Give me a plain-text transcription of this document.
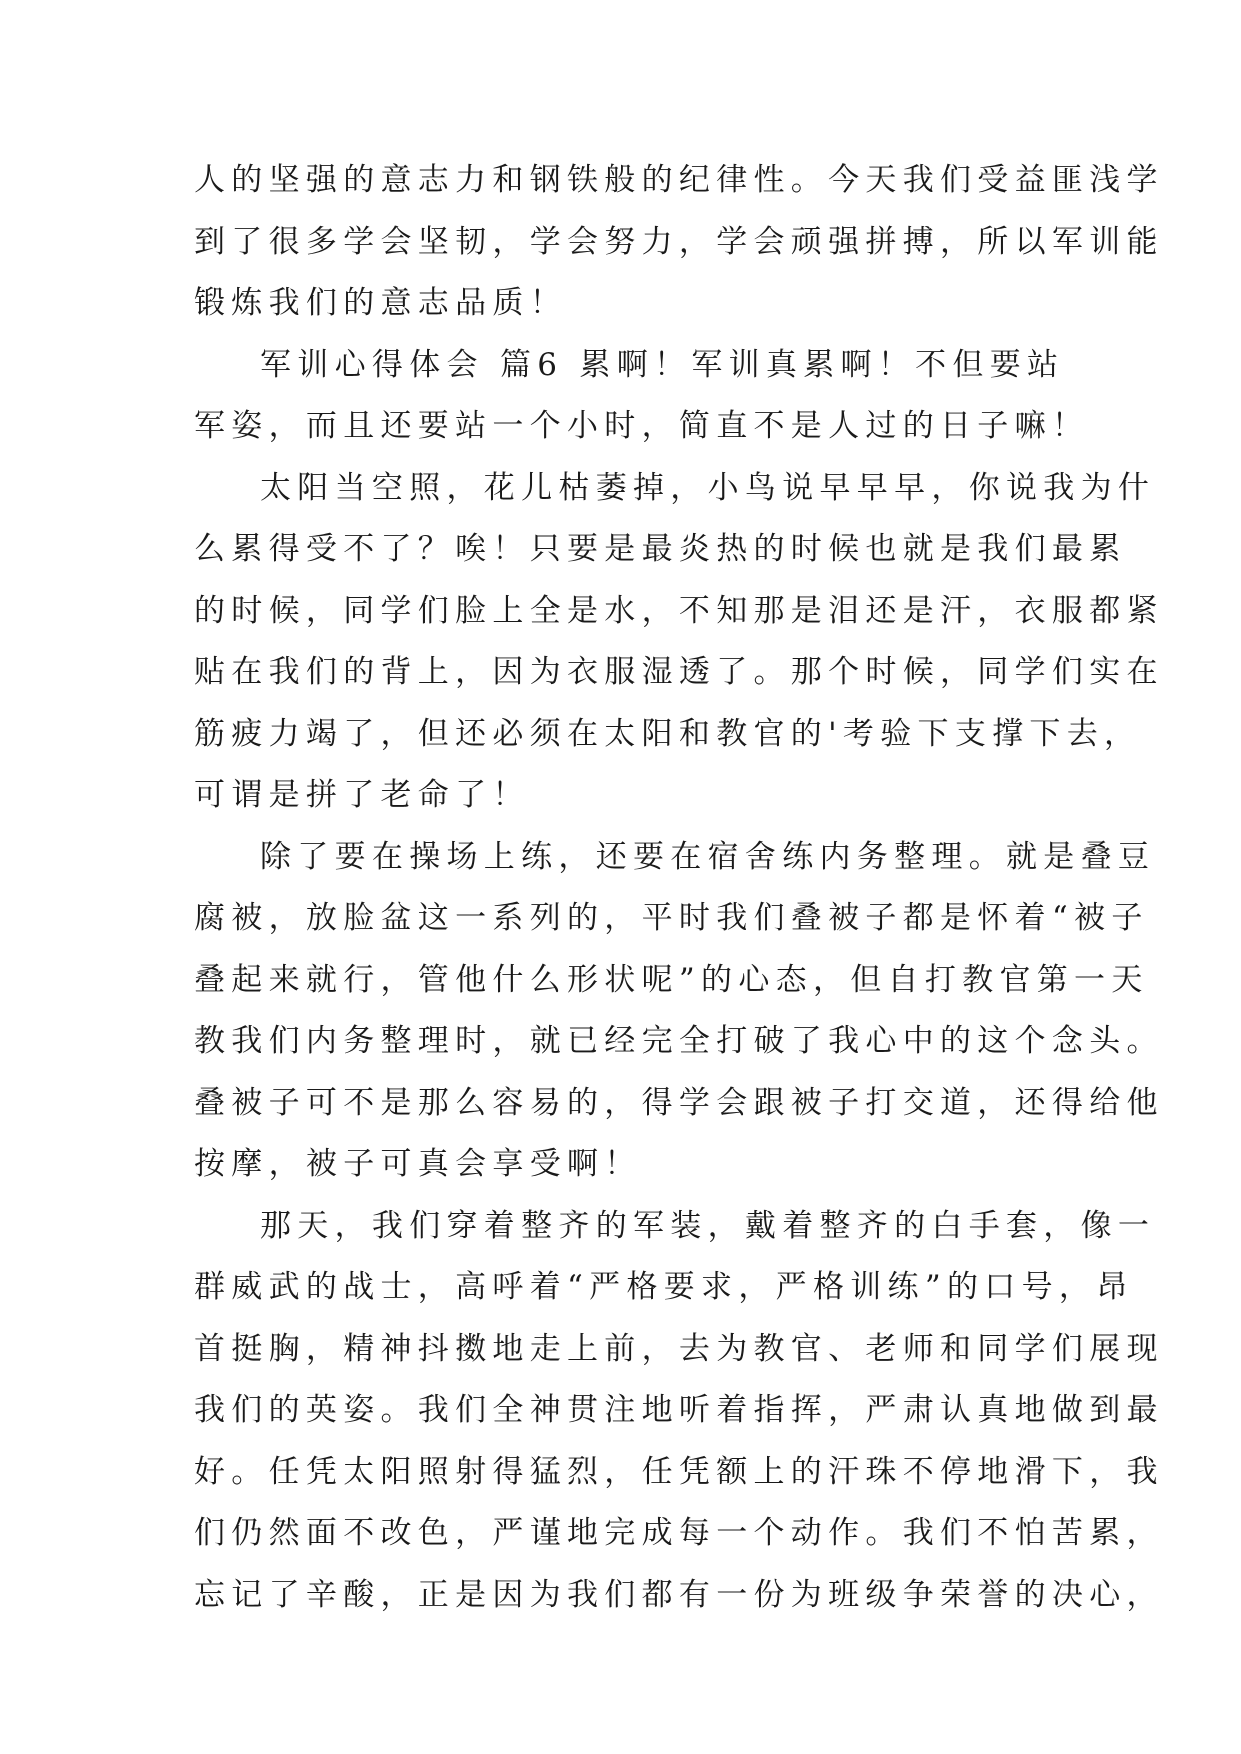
人的坚强的意志力和钢铁般的纪律性。今天我们受益匪浅学
到了很多学会坚韧，学会努力，学会顽强拼搏，所以军训能
锻炼我们的意志品质！
军训心得体会 篇6 累啊！军训真累啊！不但要站
军姿，而且还要站一个小时，简直不是人过的日子嘛！
太阳当空照，花儿枯萎掉，小鸟说早早早，你说我为什
么累得受不了？唉！只要是最炎热的时候也就是我们最累
的时候，同学们脸上全是水，不知那是泪还是汗，衣服都紧
贴在我们的背上，因为衣服湿透了。那个时候，同学们实在
筋疲力竭了，但还必须在太阳和教官的'考验下支撑下去，
可谓是拼了老命了！
除了要在操场上练，还要在宿舍练内务整理。就是叠豆
腐被，放脸盆这一系列的，平时我们叠被子都是怀着“被子
叠起来就行，管他什么形状呢”的心态，但自打教官第一天
教我们内务整理时，就已经完全打破了我心中的这个念头。
叠被子可不是那么容易的，得学会跟被子打交道，还得给他
按摩，被子可真会享受啊！
那天，我们穿着整齐的军装，戴着整齐的白手套，像一
群威武的战士，高呼着“严格要求，严格训练”的口号，昂
首挺胸，精神抖擞地走上前，去为教官、老师和同学们展现
我们的英姿。我们全神贯注地听着指挥，严肃认真地做到最
好。任凭太阳照射得猛烈，任凭额上的汗珠不停地滑下，我
们仍然面不改色，严谨地完成每一个动作。我们不怕苦累，
忘记了辛酸，正是因为我们都有一份为班级争荣誉的决心，
